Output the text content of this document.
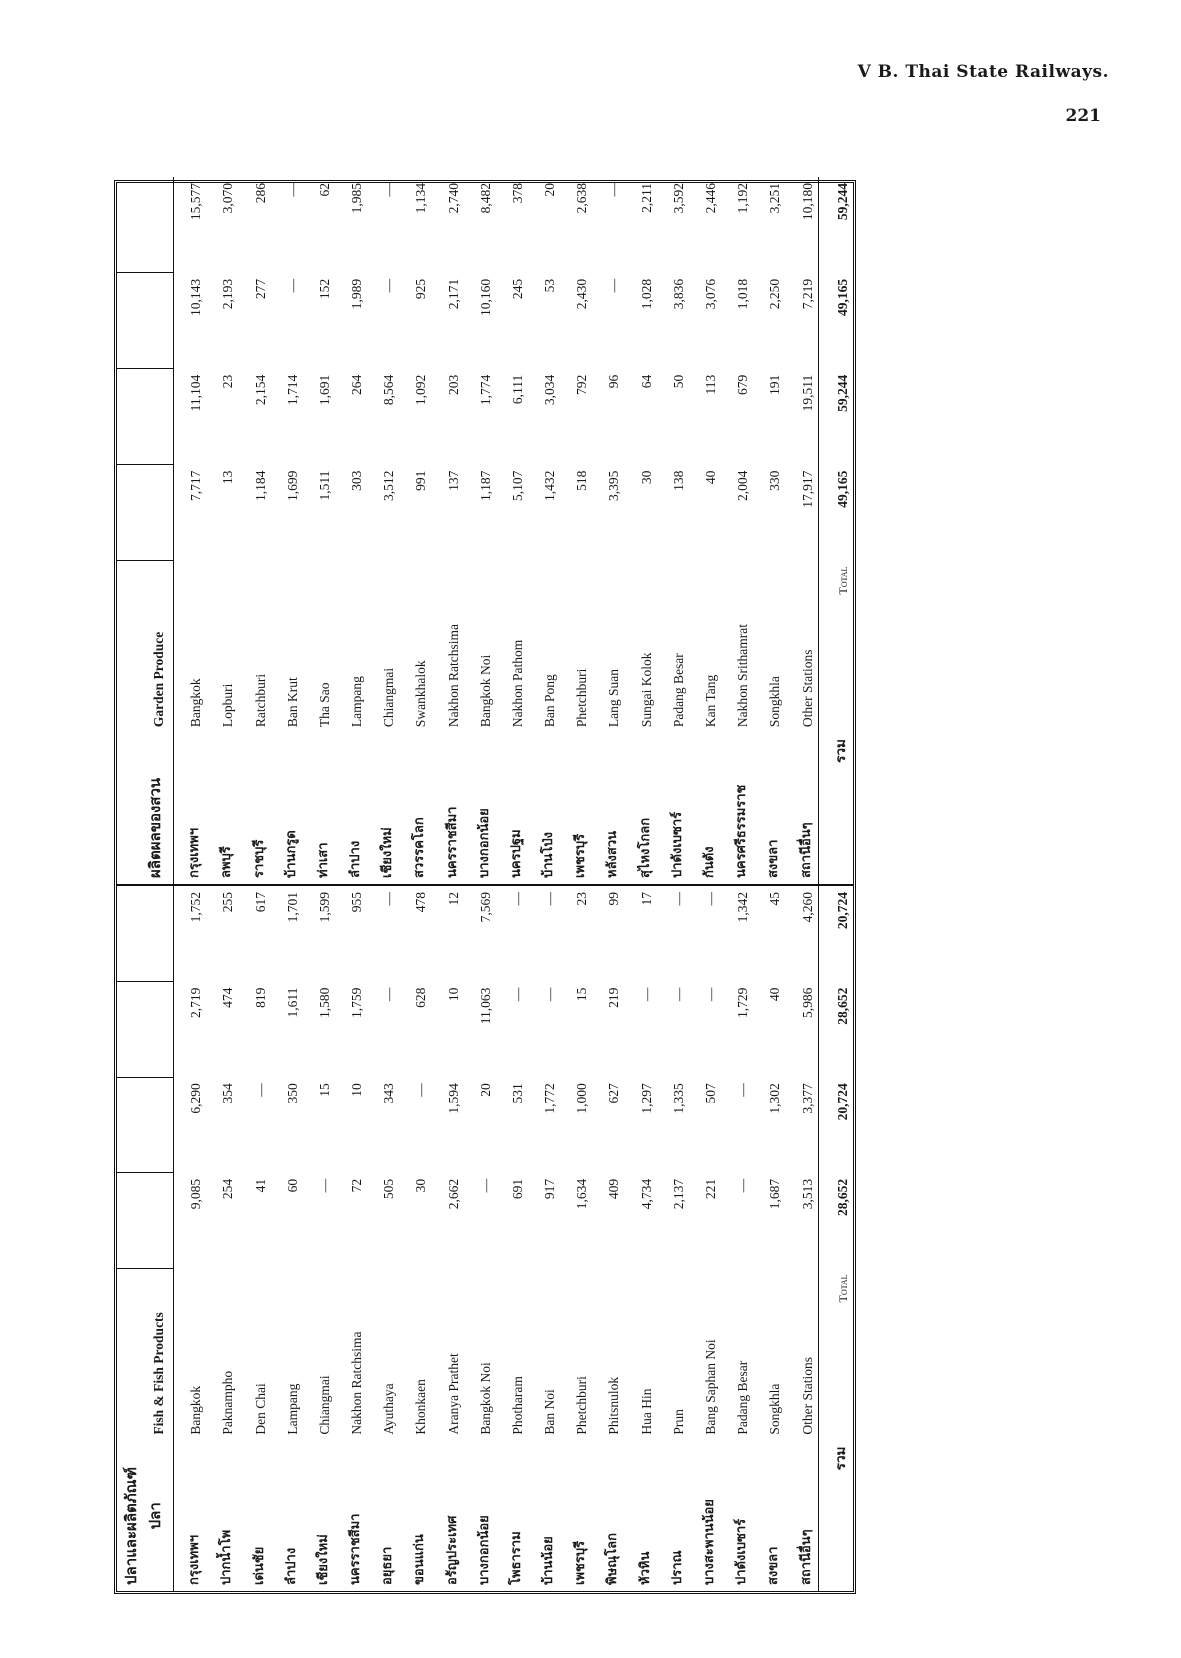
V B. Thai State Railways.
221
ปลาและผลิตภัณฑ์ ปลา	Fish & Fish Products				
กรุงเทพฯ	Bangkok	9,085	6,290	2,719	1,752
ปากน้ำโพ	Paknampho	254	354	474	255
เด่นชัย	Den Chai	41	—	819	617
ลำปาง	Lampang	60	350	1,611	1,701
เชียงใหม่	Chiangmai	—	15	1,580	1,599
นครราชสีมา	Nakhon Ratchsima	72	10	1,759	955
อยุธยา	Ayuthaya	505	343	—	—
ขอนแก่น	Khonkaen	30	—	628	478
อรัญประเทศ	Aranya Prathet	2,662	1,594	10	12
บางกอกน้อย	Bangkok Noi	—	20	11,063	7,569
โพธาราม	Photharam	691	531	—	—
บ้านน้อย	Ban Noi	917	1,772	—	—
เพชรบุรี	Phetchburi	1,634	1,000	15	23
พิษณุโลก	Phitsnulok	409	627	219	99
หัวหิน	Hua Hin	4,734	1,297	—	17
ปราณ	Prun	2,137	1,335	—	—
บางสะพานน้อย	Bang Saphan Noi	221	507	—	—
ปาดังเบซาร์	Padang Besar	—	—	1,729	1,342
สงขลา	Songkhla	1,687	1,302	40	45
สถานีอื่นๆ	Other Stations	3,513	3,377	5,986	4,260
รวม	Total	28,652	20,724	28,652	20,724
ผลิตผลของสวน	Garden Produce				
กรุงเทพฯ	Bangkok	7,717	11,104	10,143	15,577
ลพบุรี	Lopburi	13	23	2,193	3,070
ราชบุรี	Ratchburi	1,184	2,154	277	286
บ้านกรูด	Ban Krut	1,699	1,714	—	—
ท่าเสา	Tha Sao	1,511	1,691	152	62
ลำปาง	Lampang	303	264	1,989	1,985
เชียงใหม่	Chiangmai	3,512	8,564	—	—
สวรรคโลก	Swankhalok	991	1,092	925	1,134
นครราชสีมา	Nakhon Ratchsima	137	203	2,171	2,740
บางกอกน้อย	Bangkok Noi	1,187	1,774	10,160	8,482
นครปฐม	Nakhon Pathom	5,107	6,111	245	378
บ้านโป่ง	Ban Pong	1,432	3,034	53	20
เพชรบุรี	Phetchburi	518	792	2,430	2,638
หลังสวน	Lang Suan	3,395	96	—	—
สุไหงโกลก	Sungai Kolok	30	64	1,028	2,211
ปาดังเบซาร์	Padang Besar	138	50	3,836	3,592
กันตัง	Kan Tang	40	113	3,076	2,446
นครศรีธรรมราช	Nakhon Srithamrat	2,004	679	1,018	1,192
สงขลา	Songkhla	330	191	2,250	3,251
สถานีอื่นๆ	Other Stations	17,917	19,511	7,219	10,180
รวม	Total	49,165	59,244	49,165	59,244
